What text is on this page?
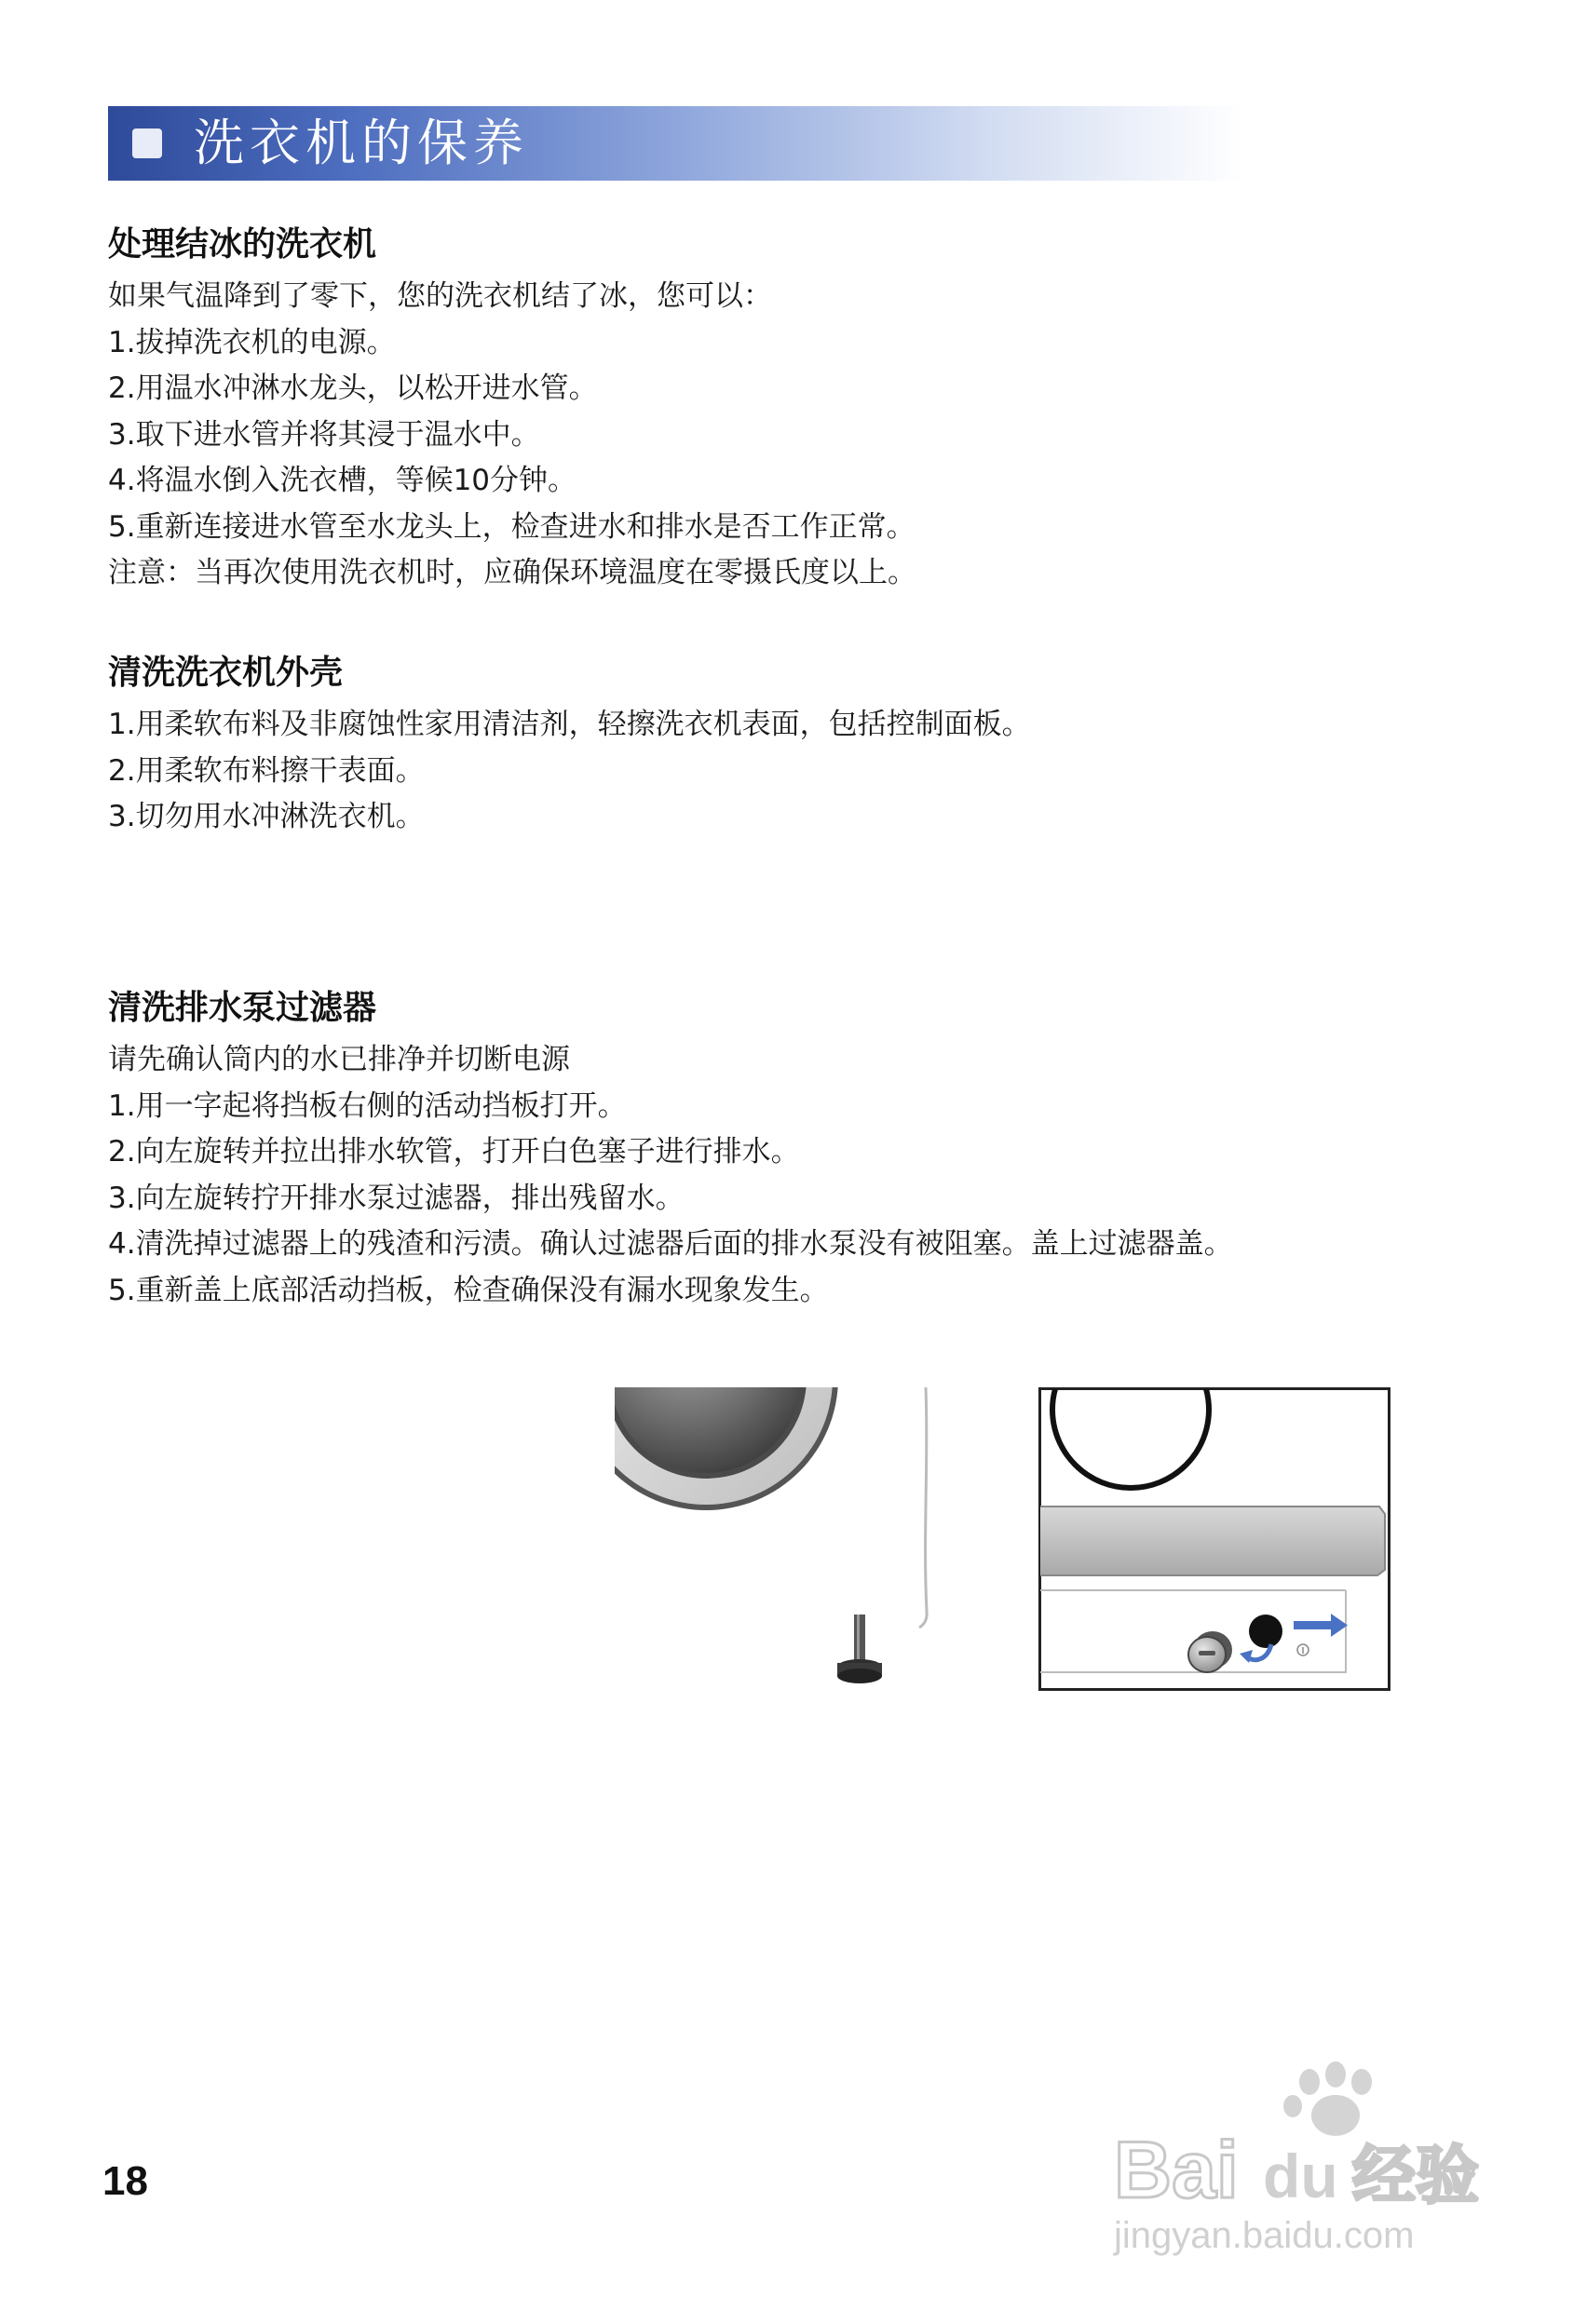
洗衣机的保养
处理结冰的洗衣机

如果气温降到了零下，您的洗衣机结了冰，您可以：

1.拔掉洗衣机的电源。

2.用温水冲淋水龙头，以松开进水管。

3.取下进水管并将其浸于温水中。

4.将温水倒入洗衣槽，等候10分钟。

5.重新连接进水管至水龙头上，检查进水和排水是否工作正常。

注意：当再次使用洗衣机时，应确保环境温度在零摄氏度以上。

清洗洗衣机外壳

1.用柔软布料及非腐蚀性家用清洁剂，轻擦洗衣机表面，包括控制面板。

2.用柔软布料擦干表面。

3.切勿用水冲淋洗衣机。

清洗排水泵过滤器

请先确认筒内的水已排净并切断电源

1.用一字起将挡板右侧的活动挡板打开。

2.向左旋转并拉出排水软管，打开白色塞子进行排水。

3.向左旋转拧开排水泵过滤器，排出残留水。

4.清洗掉过滤器上的残渣和污渍。确认过滤器后面的排水泵没有被阻塞。盖上过滤器盖。

5.重新盖上底部活动挡板，检查确保没有漏水现象发生。

18	Bai du 经验
jingyan.baidu.com
